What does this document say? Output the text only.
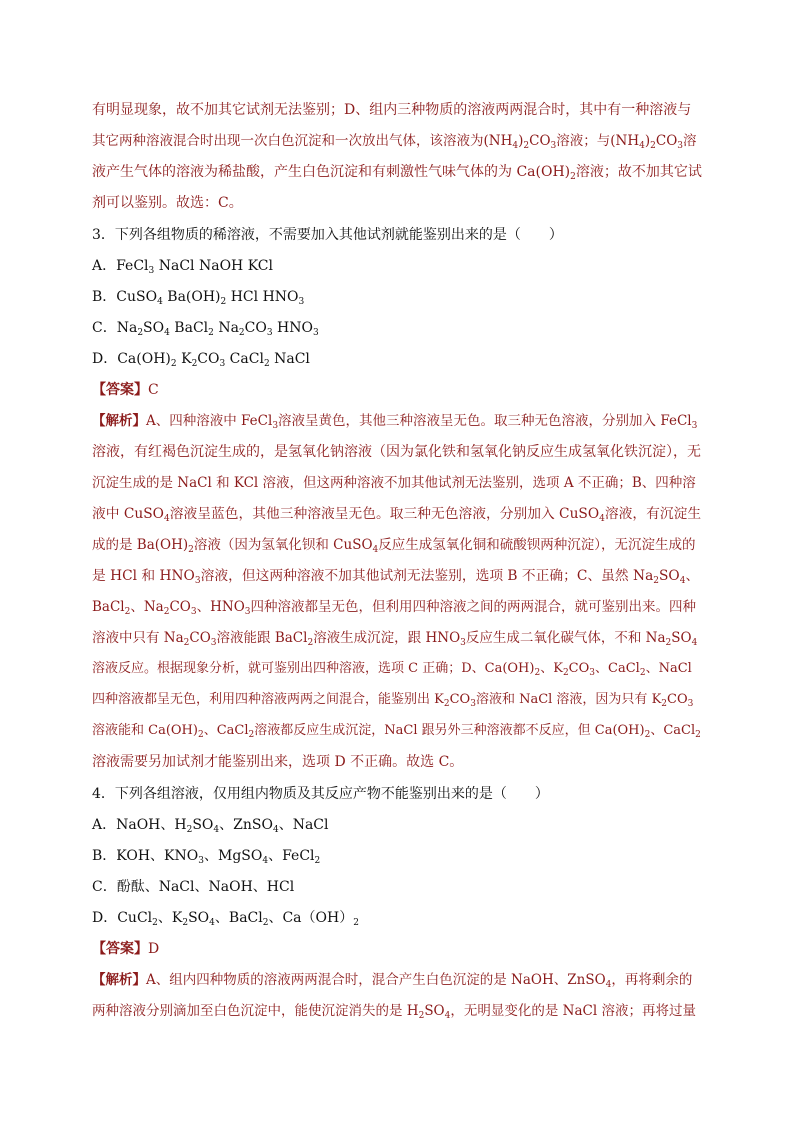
有明显现象，故不加其它试剂无法鉴别；D、组内三种物质的溶液两两混合时，其中有一种溶液与
其它两种溶液混合时出现一次白色沉淀和一次放出气体，该溶液为$(NH_4)_2CO_3$溶液；与$(NH_4)_2CO_3$溶
液产生气体的溶液为稀盐酸，产生白色沉淀和有刺激性气味气体的为 $Ca(OH)_2$溶液；故不加其它试
剂可以鉴别。故选：C。
3．下列各组物质的稀溶液，不需要加入其他试剂就能鉴别出来的是（　　）
A．FeCl$_3$ NaCl NaOH KCl
B．CuSO$_4$ $Ba(OH)_2$ HCl $HNO_3$
C．$Na_2SO_4$ BaCl$_2$ $Na_2CO_3$ $HNO_3$
D．$Ca(OH)_2$ $K_2CO_3$ CaCl$_2$ NaCl
【答案】C
【解析】A、四种溶液中 FeCl$_3$溶液呈黄色，其他三种溶液呈无色。取三种无色溶液，分别加入 FeCl$_3$
溶液，有红褐色沉淀生成的，是氢氧化钠溶液（因为氯化铁和氢氧化钠反应生成氢氧化铁沉淀），无
沉淀生成的是 NaCl 和 KCl 溶液，但这两种溶液不加其他试剂无法鉴别，选项 A 不正确；B、四种溶
液中 CuSO$_4$溶液呈蓝色，其他三种溶液呈无色。取三种无色溶液，分别加入 CuSO$_4$溶液，有沉淀生
成的是 $Ba(OH)_2$溶液（因为氢氧化钡和 CuSO$_4$反应生成氢氧化铜和硫酸钡两种沉淀），无沉淀生成的
是 HCl 和 $HNO_3$溶液，但这两种溶液不加其他试剂无法鉴别，选项 B 不正确；C、虽然 $Na_2SO_4$、
BaCl$_2$、$Na_2CO_3$、$HNO_3$四种溶液都呈无色，但利用四种溶液之间的两两混合，就可鉴别出来。四种
溶液中只有 $Na_2CO_3$溶液能跟 BaCl$_2$溶液生成沉淀，跟 $HNO_3$反应生成二氧化碳气体，不和 $Na_2SO_4$
溶液反应。根据现象分析，就可鉴别出四种溶液，选项 C 正确；D、$Ca(OH)_2$、$K_2CO_3$、CaCl$_2$、NaCl
四种溶液都呈无色，利用四种溶液两两之间混合，能鉴别出 $K_2CO_3$溶液和 NaCl 溶液，因为只有 $K_2CO_3$
溶液能和 $Ca(OH)_2$、CaCl$_2$溶液都反应生成沉淀，NaCl 跟另外三种溶液都不反应，但 $Ca(OH)_2$、CaCl$_2$
溶液需要另加试剂才能鉴别出来，选项 D 不正确。故选 C。
4．下列各组溶液，仅用组内物质及其反应产物不能鉴别出来的是（　　）
A．NaOH、$H_2SO_4$、ZnSO$_4$、NaCl
B．KOH、$KNO_3$、MgSO$_4$、FeCl$_2$
C．酚酞、NaCl、NaOH、HCl
D．CuCl$_2$、$K_2SO_4$、BaCl$_2$、$Ca(OH)_2$
【答案】D
【解析】A、组内四种物质的溶液两两混合时，混合产生白色沉淀的是 NaOH、ZnSO$_4$，再将剩余的
两种溶液分别滴加至白色沉淀中，能使沉淀消失的是 $H_2SO_4$，无明显变化的是 NaCl 溶液；再将过量
